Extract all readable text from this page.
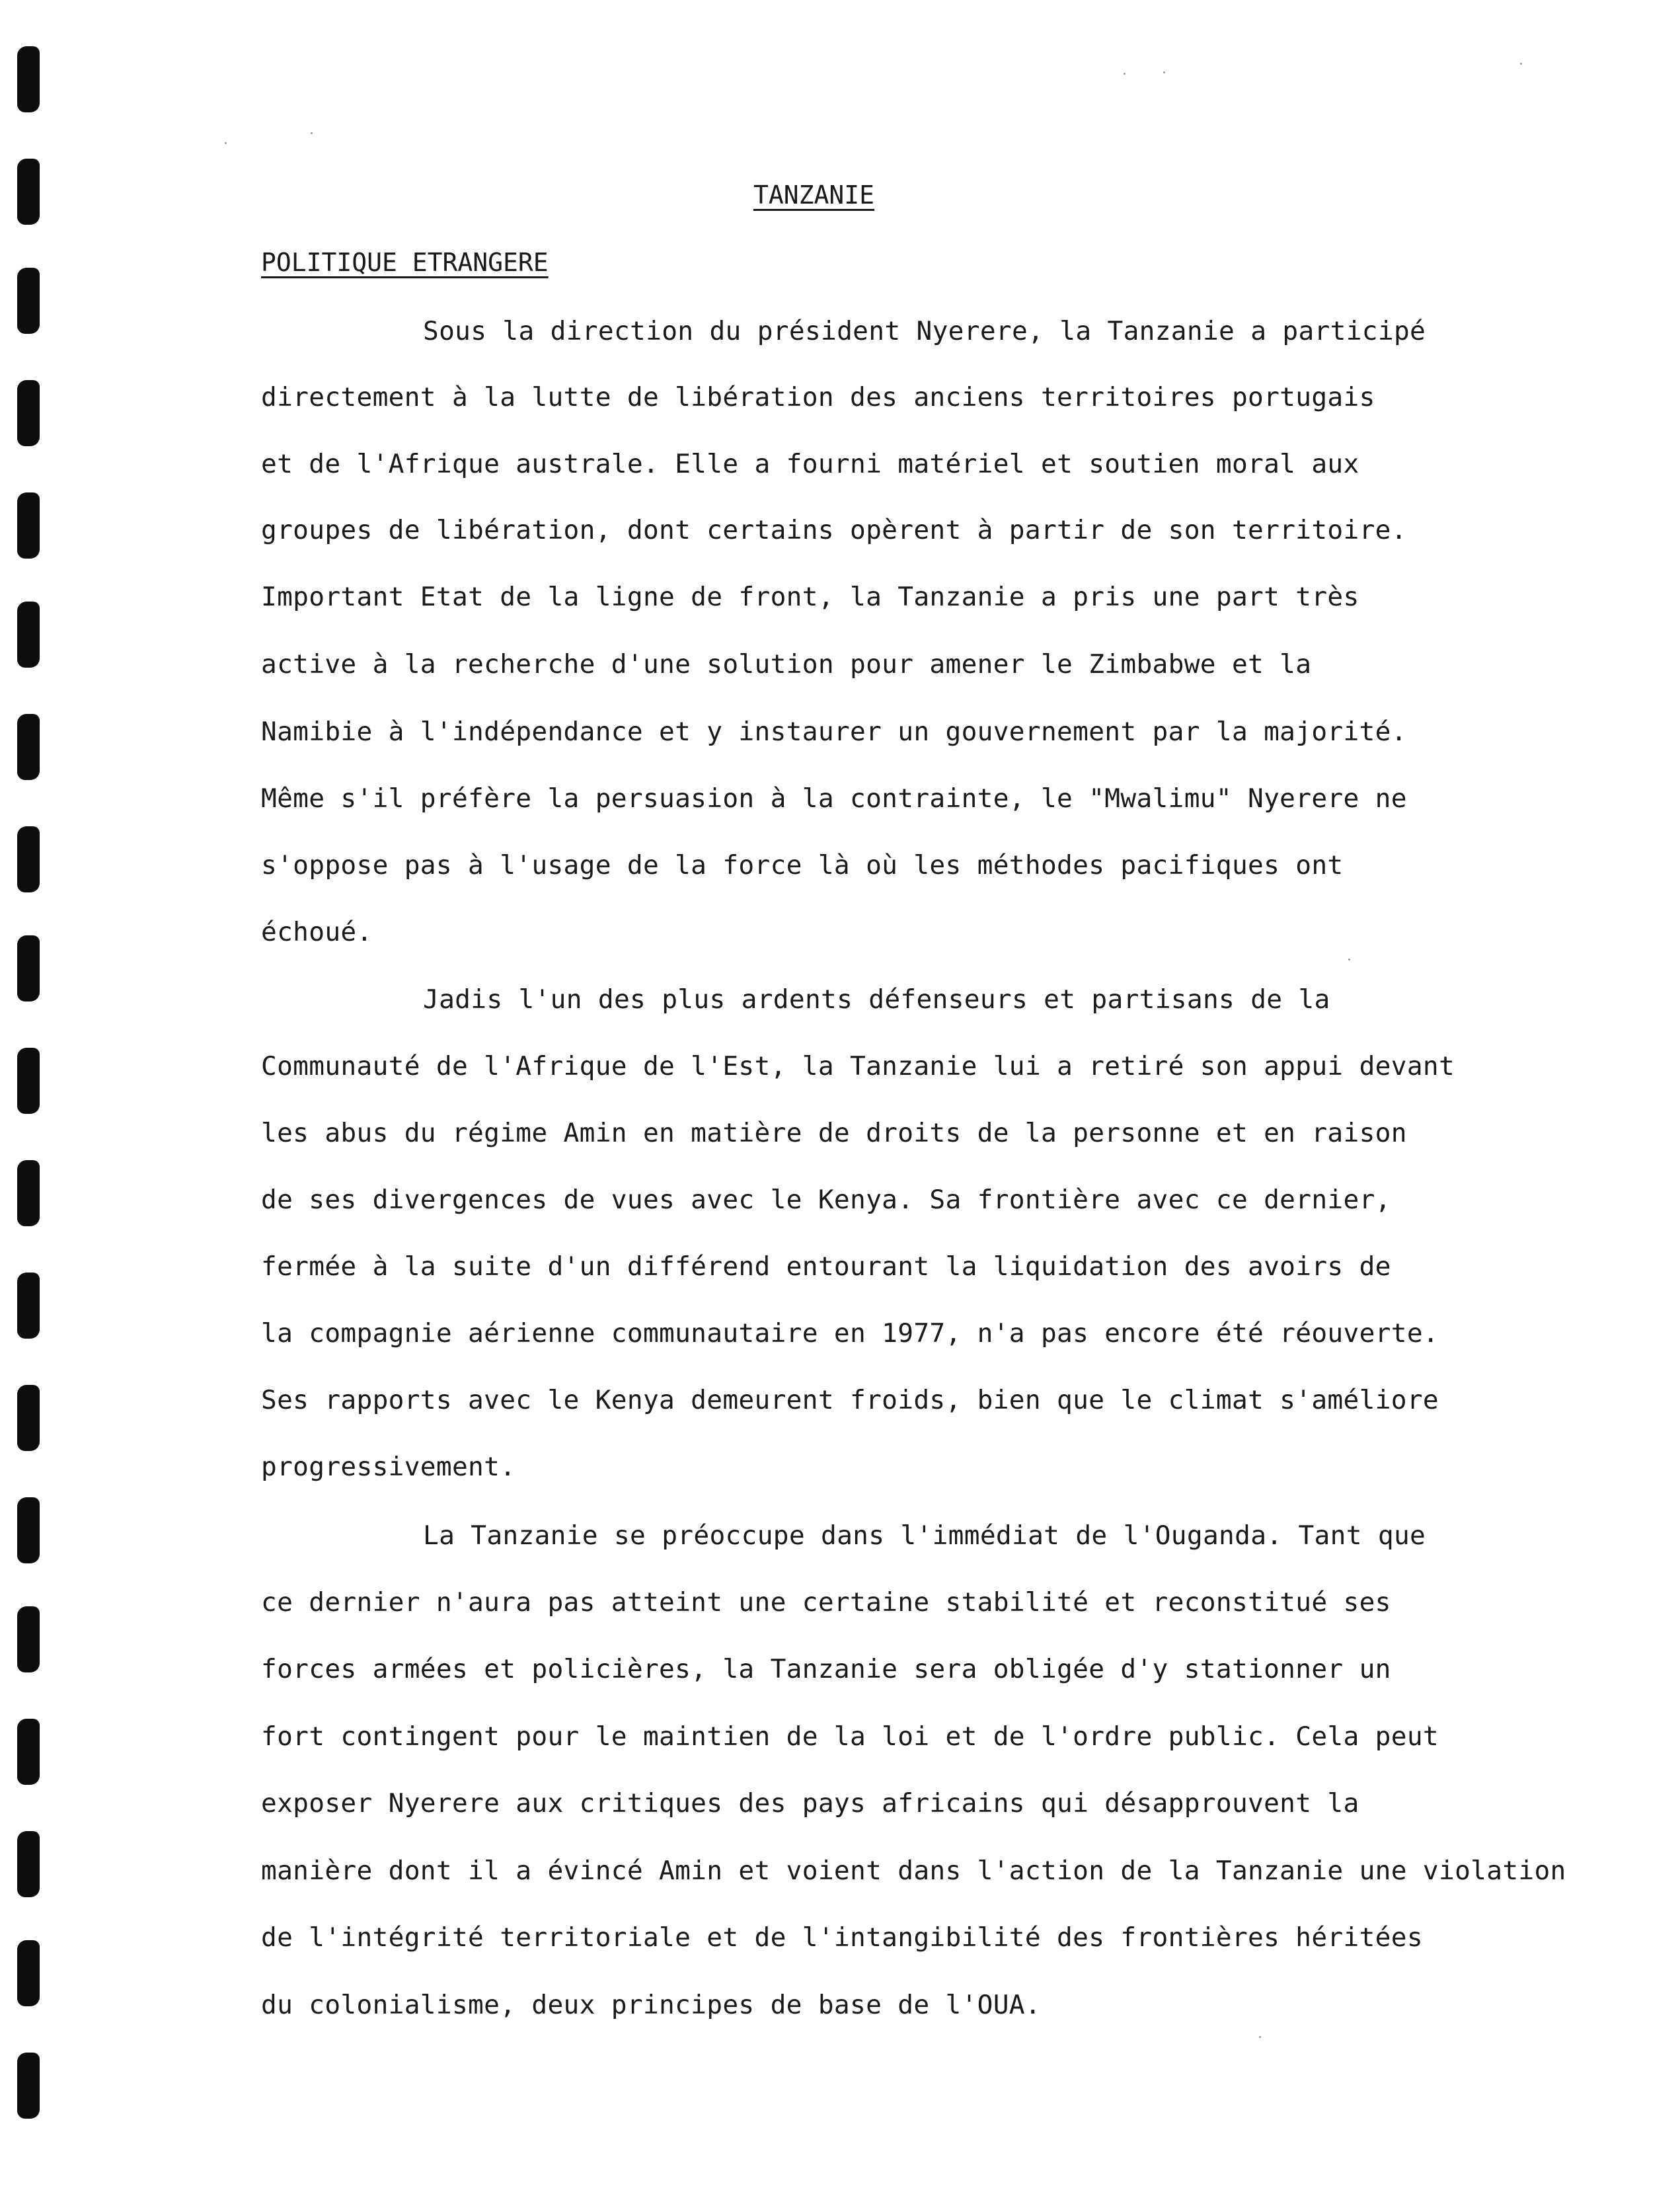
TANZANIE
POLITIQUE ETRANGERE
Sous la direction du président Nyerere, la Tanzanie a participé
directement à la lutte de libération des anciens territoires portugais
et de l'Afrique australe. Elle a fourni matériel et soutien moral aux
groupes de libération, dont certains opèrent à partir de son territoire.
Important Etat de la ligne de front, la Tanzanie a pris une part très
active à la recherche d'une solution pour amener le Zimbabwe et la
Namibie à l'indépendance et y instaurer un gouvernement par la majorité.
Même s'il préfère la persuasion à la contrainte, le "Mwalimu" Nyerere ne
s'oppose pas à l'usage de la force là où les méthodes pacifiques ont
échoué.
Jadis l'un des plus ardents défenseurs et partisans de la
Communauté de l'Afrique de l'Est, la Tanzanie lui a retiré son appui devant
les abus du régime Amin en matière de droits de la personne et en raison
de ses divergences de vues avec le Kenya. Sa frontière avec ce dernier,
fermée à la suite d'un différend entourant la liquidation des avoirs de
la compagnie aérienne communautaire en 1977, n'a pas encore été réouverte.
Ses rapports avec le Kenya demeurent froids, bien que le climat s'améliore
progressivement.
La Tanzanie se préoccupe dans l'immédiat de l'Ouganda. Tant que
ce dernier n'aura pas atteint une certaine stabilité et reconstitué ses
forces armées et policières, la Tanzanie sera obligée d'y stationner un
fort contingent pour le maintien de la loi et de l'ordre public. Cela peut
exposer Nyerere aux critiques des pays africains qui désapprouvent la
manière dont il a évincé Amin et voient dans l'action de la Tanzanie une violation
de l'intégrité territoriale et de l'intangibilité des frontières héritées
du colonialisme, deux principes de base de l'OUA.
